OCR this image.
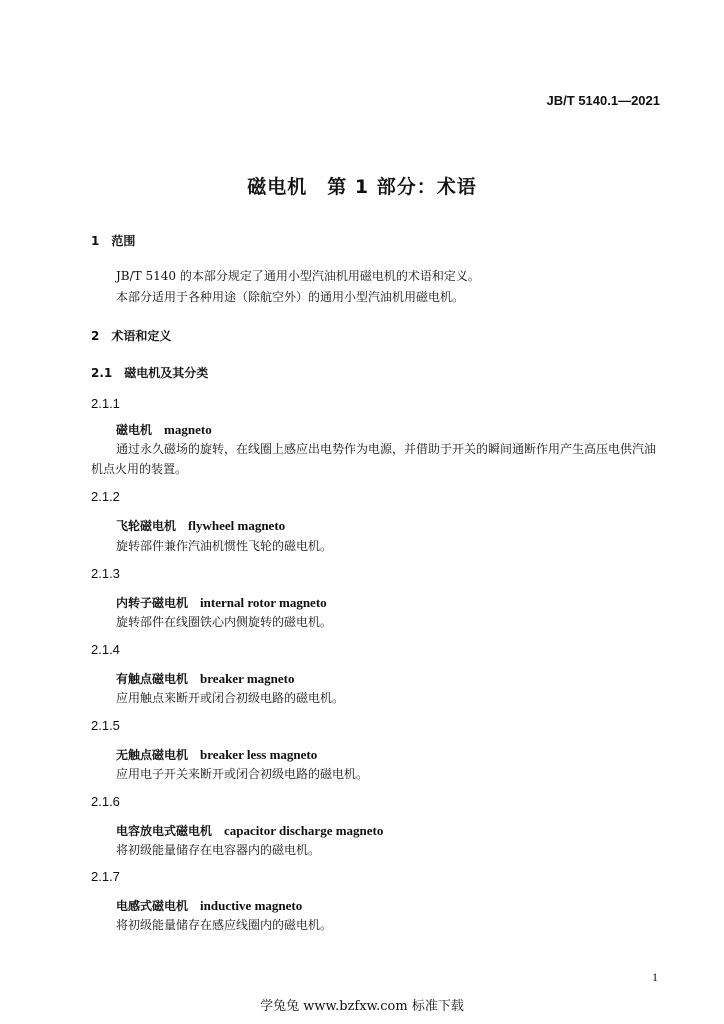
JB/T 5140.1—2021
磁电机　第 1 部分：术语
1　范围
JB/T 5140 的本部分规定了通用小型汽油机用磁电机的术语和定义。
本部分适用于各种用途（除航空外）的通用小型汽油机用磁电机。
2　术语和定义
2.1　磁电机及其分类
2.1.1
磁电机　 magneto
通过永久磁场的旋转，在线圈上感应出电势作为电源，并借助于开关的瞬间通断作用产生高压电供汽油机点火用的装置。
2.1.2
飞轮磁电机　 flywheel magneto
旋转部件兼作汽油机惯性飞轮的磁电机。
2.1.3
内转子磁电机　 internal rotor magneto
旋转部件在线圈铁心内侧旋转的磁电机。
2.1.4
有触点磁电机　 breaker magneto
应用触点来断开或闭合初级电路的磁电机。
2.1.5
无触点磁电机　 breaker less magneto
应用电子开关来断开或闭合初级电路的磁电机。
2.1.6
电容放电式磁电机　 capacitor discharge magneto
将初级能量储存在电容器内的磁电机。
2.1.7
电感式磁电机　 inductive magneto
将初级能量储存在感应线圈内的磁电机。
1
学兔兔 www.bzfxw.com 标准下载
